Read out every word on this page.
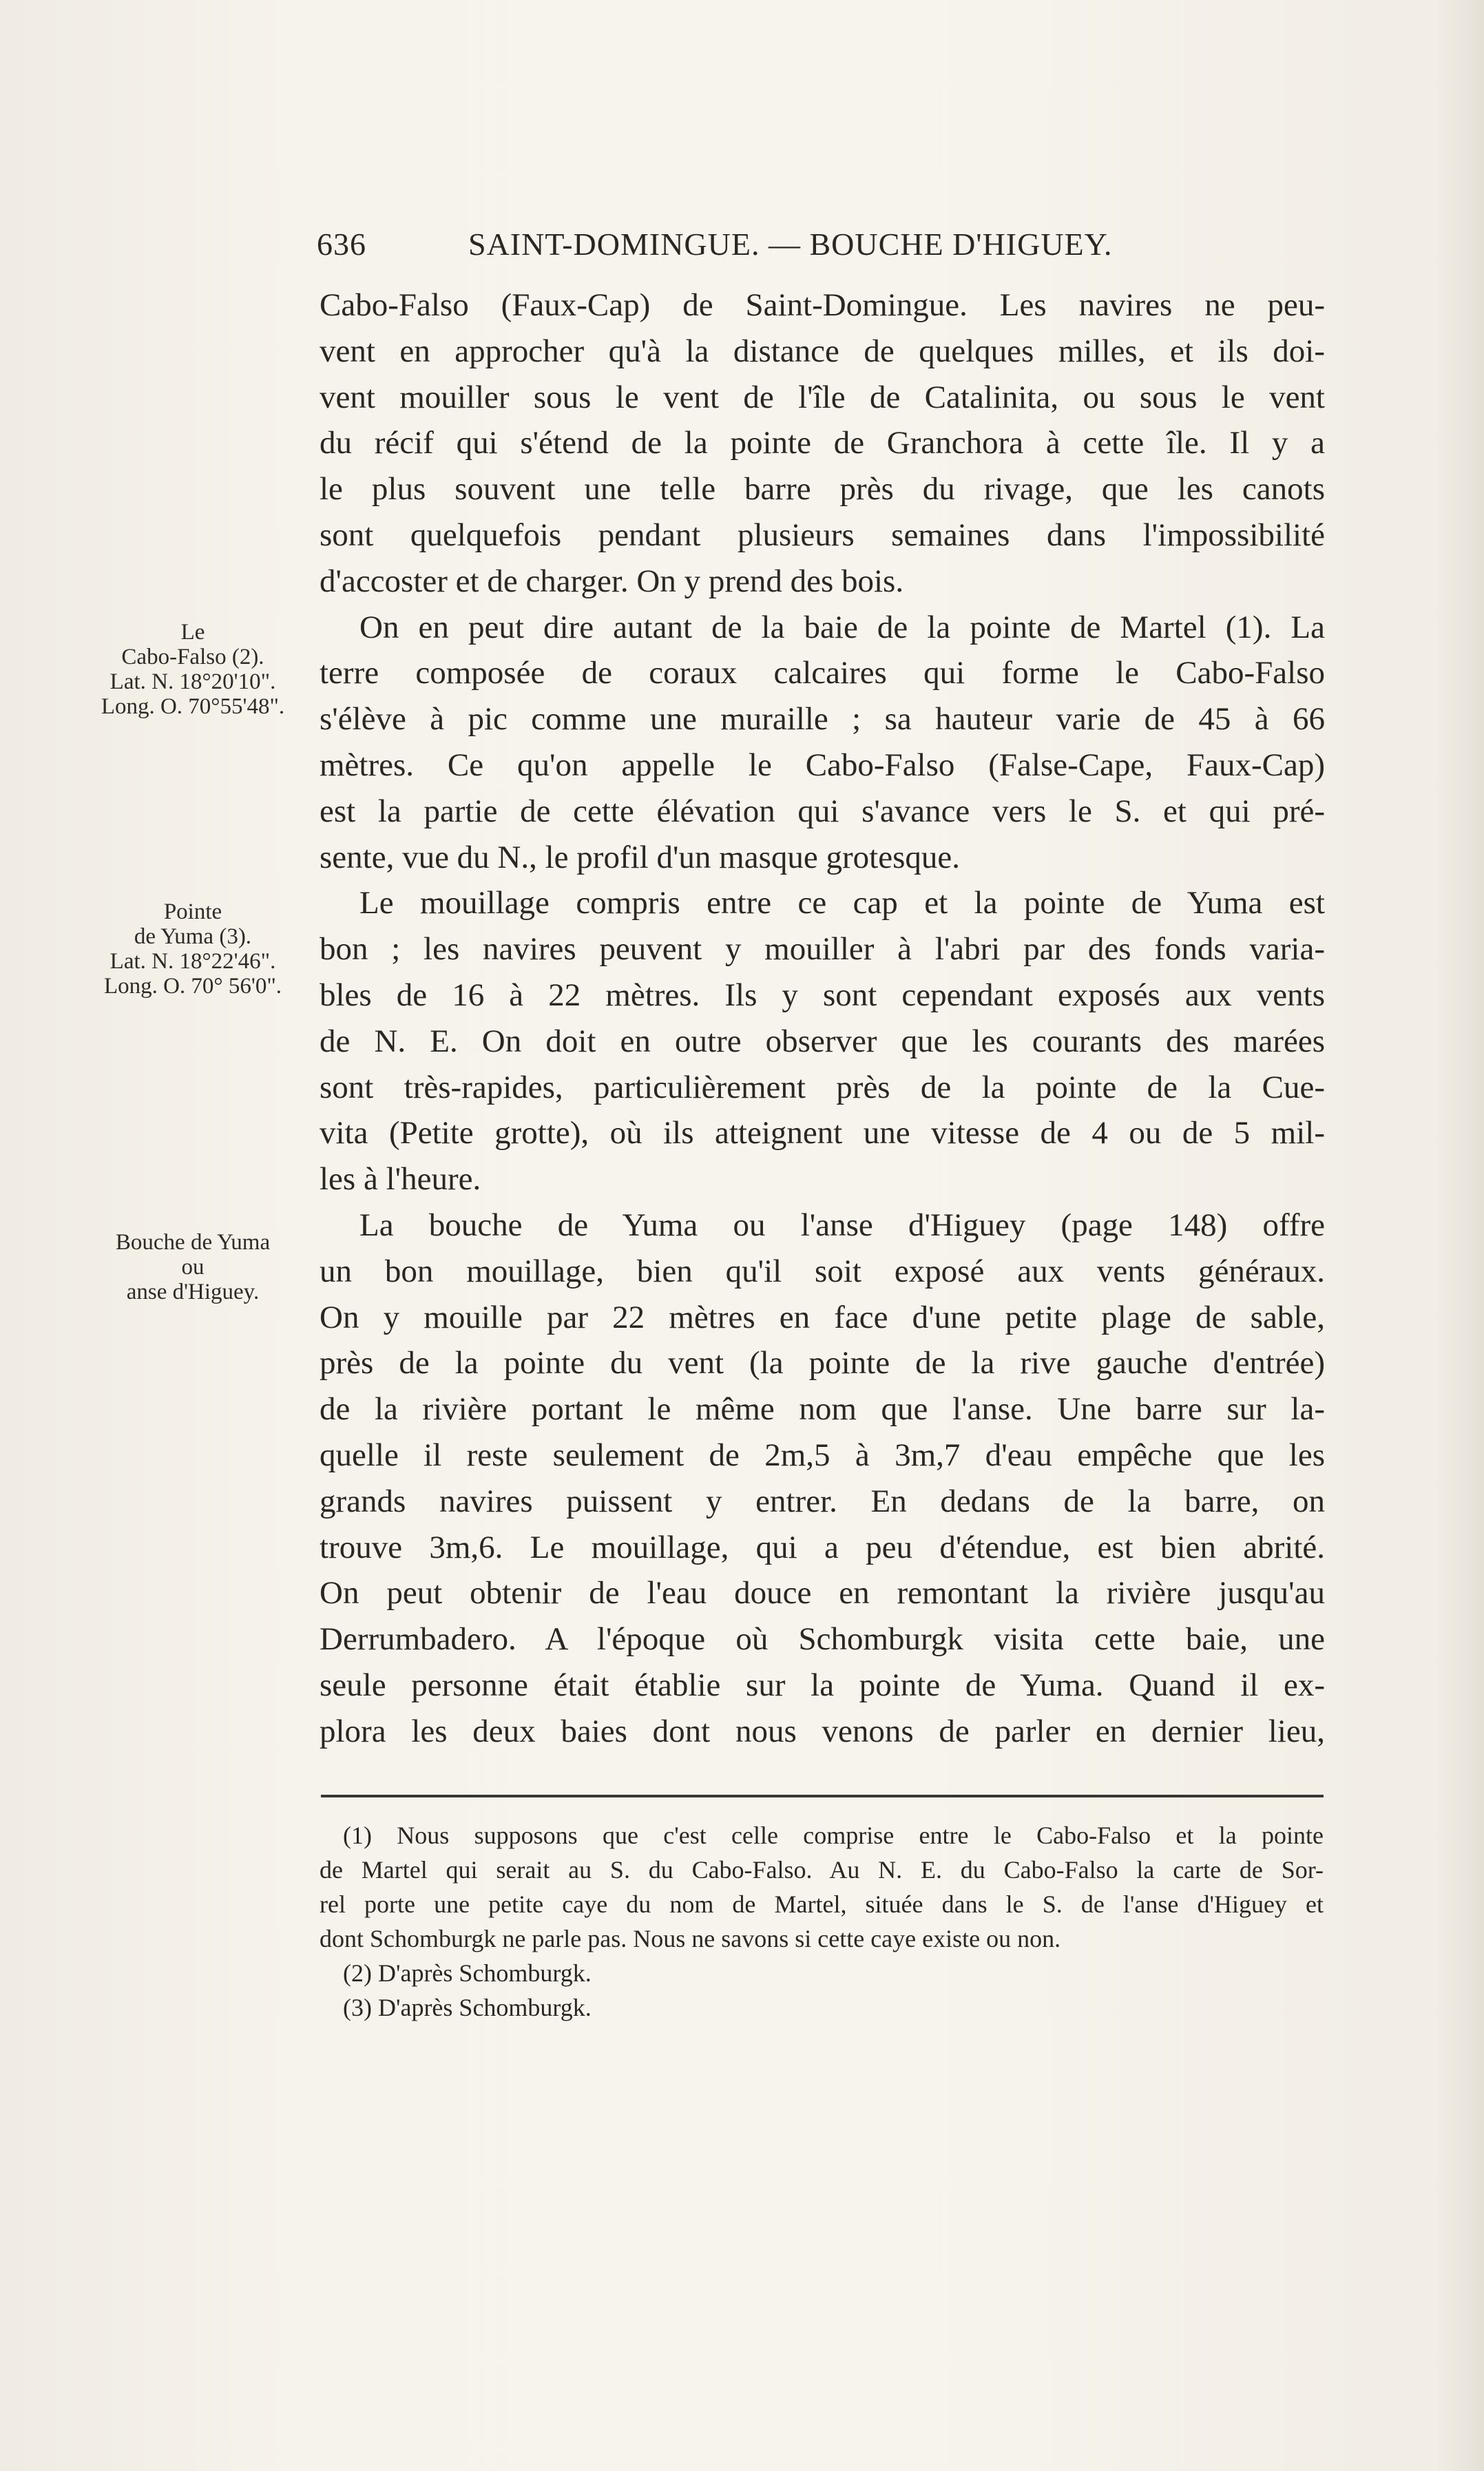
636	SAINT-DOMINGUE. — BOUCHE D'HIGUEY.
Cabo-Falso (Faux-Cap) de Saint-Domingue. Les navires ne peu-
vent en approcher qu'à la distance de quelques milles, et ils doi-
vent mouiller sous le vent de l'île de Catalinita, ou sous le vent
du récif qui s'étend de la pointe de Granchora à cette île. Il y a
le plus souvent une telle barre près du rivage, que les canots
sont quelquefois pendant plusieurs semaines dans l'impossibilité
d'accoster et de charger. On y prend des bois.
On en peut dire autant de la baie de la pointe de Martel (1). La
terre composée de coraux calcaires qui forme le Cabo-Falso
s'élève à pic comme une muraille ; sa hauteur varie de 45 à 66
mètres. Ce qu'on appelle le Cabo-Falso (False-Cape, Faux-Cap)
est la partie de cette élévation qui s'avance vers le S. et qui pré-
sente, vue du N., le profil d'un masque grotesque.
Le mouillage compris entre ce cap et la pointe de Yuma est
bon ; les navires peuvent y mouiller à l'abri par des fonds varia-
bles de 16 à 22 mètres. Ils y sont cependant exposés aux vents
de N. E. On doit en outre observer que les courants des marées
sont très-rapides, particulièrement près de la pointe de la Cue-
vita (Petite grotte), où ils atteignent une vitesse de 4 ou de 5 mil-
les à l'heure.
La bouche de Yuma ou l'anse d'Higuey (page 148) offre
un bon mouillage, bien qu'il soit exposé aux vents généraux.
On y mouille par 22 mètres en face d'une petite plage de sable,
près de la pointe du vent (la pointe de la rive gauche d'entrée)
de la rivière portant le même nom que l'anse. Une barre sur la-
quelle il reste seulement de 2m,5 à 3m,7 d'eau empêche que les
grands navires puissent y entrer. En dedans de la barre, on
trouve 3m,6. Le mouillage, qui a peu d'étendue, est bien abrité.
On peut obtenir de l'eau douce en remontant la rivière jusqu'au
Derrumbadero. A l'époque où Schomburgk visita cette baie, une
seule personne était établie sur la pointe de Yuma. Quand il ex-
plora les deux baies dont nous venons de parler en dernier lieu,
Le
Cabo-Falso (2).
Lat. N. 18°20'10".
Long. O. 70°55'48".
Pointe
de Yuma (3).
Lat. N. 18°22'46".
Long. O. 70° 56'0".
Bouche de Yuma
ou
anse d'Higuey.
(1) Nous supposons que c'est celle comprise entre le Cabo-Falso et la pointe
de Martel qui serait au S. du Cabo-Falso. Au N. E. du Cabo-Falso la carte de Sor-
rel porte une petite caye du nom de Martel, située dans le S. de l'anse d'Higuey et
dont Schomburgk ne parle pas. Nous ne savons si cette caye existe ou non.
(2) D'après Schomburgk.
(3) D'après Schomburgk.
